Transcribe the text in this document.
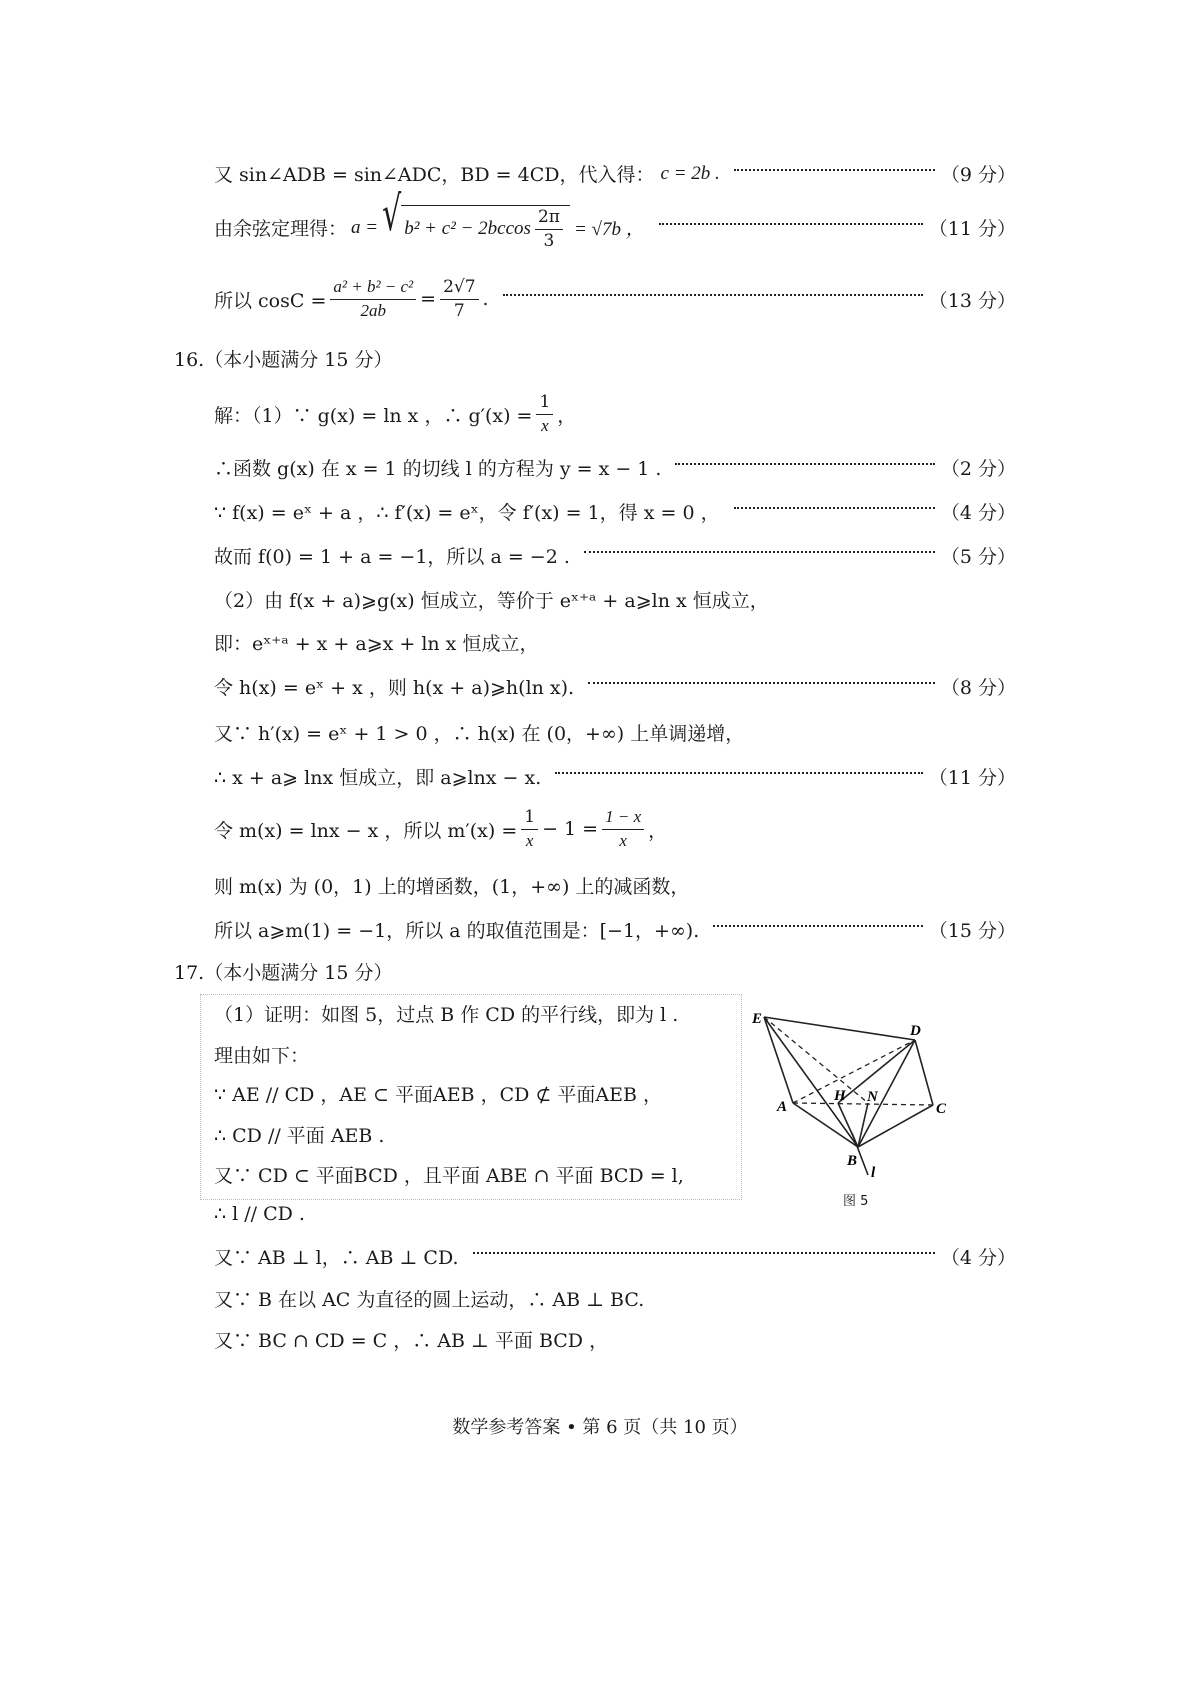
又 sin∠ ADB = sin∠ADC，BD = 4CD，代入得：
c = 2b .	（9 分）
由余弦定理得： a = √ $b^2 + c^2 - 2bccos \frac{2\pi}{3} = √7b$ ，	（11 分）
所以 $\cos C = \frac{\text{a² + b² − c²}}{2ab} = \frac{2√7}{7}$ .	（13 分）
16.（本小题满分 15 分）
解：（1）∵ g(x) = ln x ，∴ $g'(x) = \frac{1}{x}$ ，
∴函数 g(x) 在 x = 1 的切线 l 的方程为 y = x − 1 .	（2 分）
∵ f(x) = eˣ + a ，∴ f′(x) = eˣ，令 f′(x) = 1，得 x = 0 ，	（4 分）
故而 f(0) = 1 + a = −1，所以 a = −2 .	（5 分）
（2）由 f(x + a)⩾g(x) 恒成立，等价于 eˣ⁺ᵃ + a⩾ln x 恒成立，
即：eˣ⁺ᵃ + x + a⩾x + ln x 恒成立，
令 h(x) = eˣ + x ，则 h(x + a)⩾h(ln x).	（8 分）
又∵ h′(x) = eˣ + 1 > 0 ，∴ h(x) 在 (0，+∞) 上单调递增，
∴ x + a⩾ lnx 恒成立，即 a⩾lnx − x.	（11 分）
令 m(x) = lnx − x ，所以 $m'(x) = \frac{1}{x} - 1 = \frac{1 - x}{x}$ ，
则 m(x) 为 (0，1) 上的增函数，(1，+∞) 上的减函数，
所以 a⩾m(1) = −1，所以 a 的取值范围是：[−1，+∞).	（15 分）
17.（本小题满分 15 分）
（1）证明：如图 5，过点 B 作 CD 的平行线，即为 l .
理由如下：
∵ AE // CD ，AE ⊂ 平面AEB ，CD ⊄ 平面AEB ，
∴ CD // 平面 AEB .
又∵ CD ⊂ 平面BCD ，且平面 ABE ∩ 平面 BCD = l,
∴ l // CD .
又∵ AB ⊥ l，∴ AB ⊥ CD.	（4 分）
又∵ B 在以 AC 为直径的圆上运动，∴ AB ⊥ BC.
又∵ BC ∩ CD = C ，∴ AB ⊥ 平面 BCD ，
E
D
A
H N
C
B
l
图 5
数学参考答案 • 第 6 页（共 10 页）
